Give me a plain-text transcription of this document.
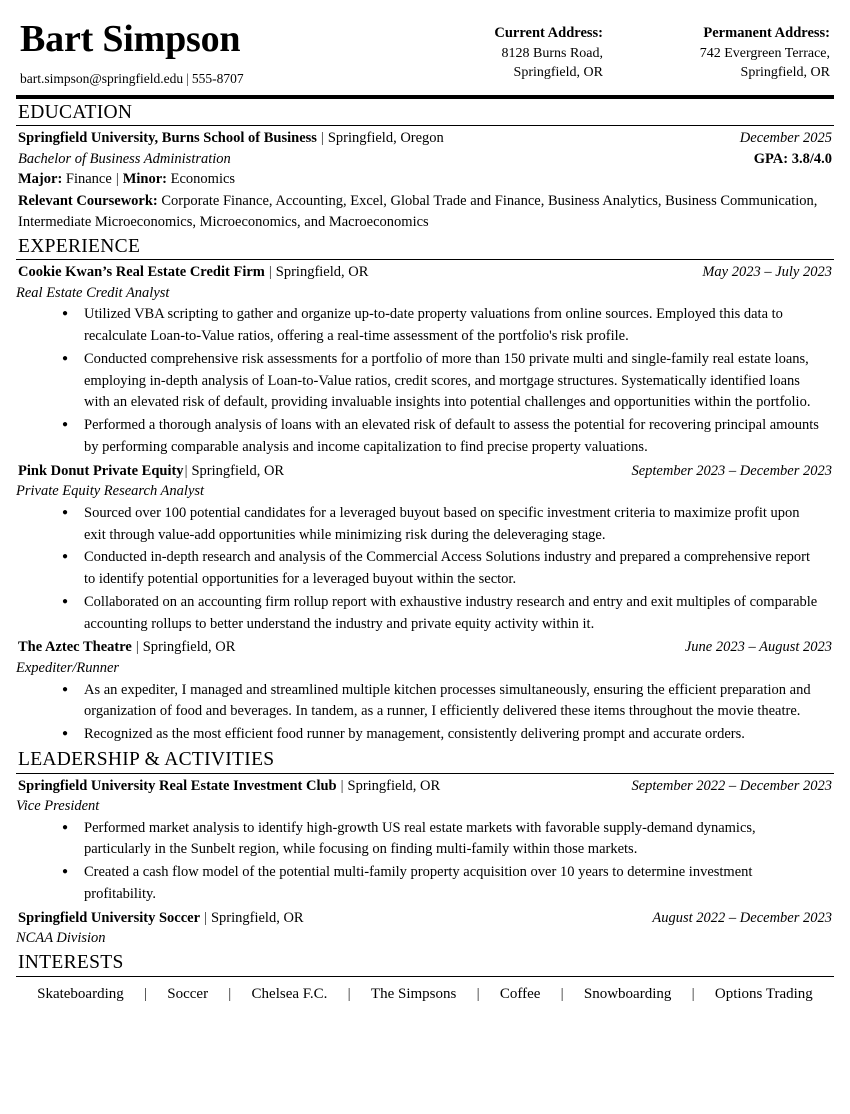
Bart Simpson
bart.simpson@springfield.edu | 555-8707
Current Address:
8128 Burns Road, Springfield, OR
Permanent Address:
742 Evergreen Terrace, Springfield, OR
EDUCATION
Springfield University, Burns School of Business | Springfield, Oregon	December 2025
Bachelor of Business Administration	GPA: 3.8/4.0
Major: Finance | Minor: Economics
Relevant Coursework: Corporate Finance, Accounting, Excel, Global Trade and Finance, Business Analytics, Business Communication, Intermediate Microeconomics, Microeconomics, and Macroeconomics
EXPERIENCE
Cookie Kwan’s Real Estate Credit Firm | Springfield, OR	May 2023 – July 2023
Real Estate Credit Analyst
● Utilized VBA scripting to gather and organize up-to-date property valuations from online sources. Employed this data to recalculate Loan-to-Value ratios, offering a real-time assessment of the portfolio's risk profile.
● Conducted comprehensive risk assessments for a portfolio of more than 150 private multi and single-family real estate loans, employing in-depth analysis of Loan-to-Value ratios, credit scores, and mortgage structures. Systematically identified loans with an elevated risk of default, providing invaluable insights into potential challenges and opportunities within the portfolio.
● Performed a thorough analysis of loans with an elevated risk of default to assess the potential for recovering principal amounts by performing comparable analysis and income capitalization to find precise property valuations.
Pink Donut Private Equity| Springfield, OR	September 2023 – December 2023
Private Equity Research Analyst
● Sourced over 100 potential candidates for a leveraged buyout based on specific investment criteria to maximize profit upon exit through value-add opportunities while minimizing risk during the deleveraging stage.
● Conducted in-depth research and analysis of the Commercial Access Solutions industry and prepared a comprehensive report to identify potential opportunities for a leveraged buyout within the sector.
● Collaborated on an accounting firm rollup report with exhaustive industry research and entry and exit multiples of comparable accounting rollups to better understand the industry and private equity activity within it.
The Aztec Theatre | Springfield, OR	June 2023 – August 2023
Expediter/Runner
● As an expediter, I managed and streamlined multiple kitchen processes simultaneously, ensuring the efficient preparation and organization of food and beverages. In tandem, as a runner, I efficiently delivered these items throughout the movie theatre.
● Recognized as the most efficient food runner by management, consistently delivering prompt and accurate orders.
LEADERSHIP & ACTIVITIES
Springfield University Real Estate Investment Club | Springfield, OR	September 2022 – December 2023
Vice President
● Performed market analysis to identify high-growth US real estate markets with favorable supply-demand dynamics, particularly in the Sunbelt region, while focusing on finding multi-family within those markets.
● Created a cash flow model of the potential multi-family property acquisition over 10 years to determine investment profitability.
Springfield University Soccer | Springfield, OR	August 2022 – December 2023
NCAA Division
INTERESTS
Skateboarding | Soccer | Chelsea F.C. | The Simpsons | Coffee | Snowboarding | Options Trading
